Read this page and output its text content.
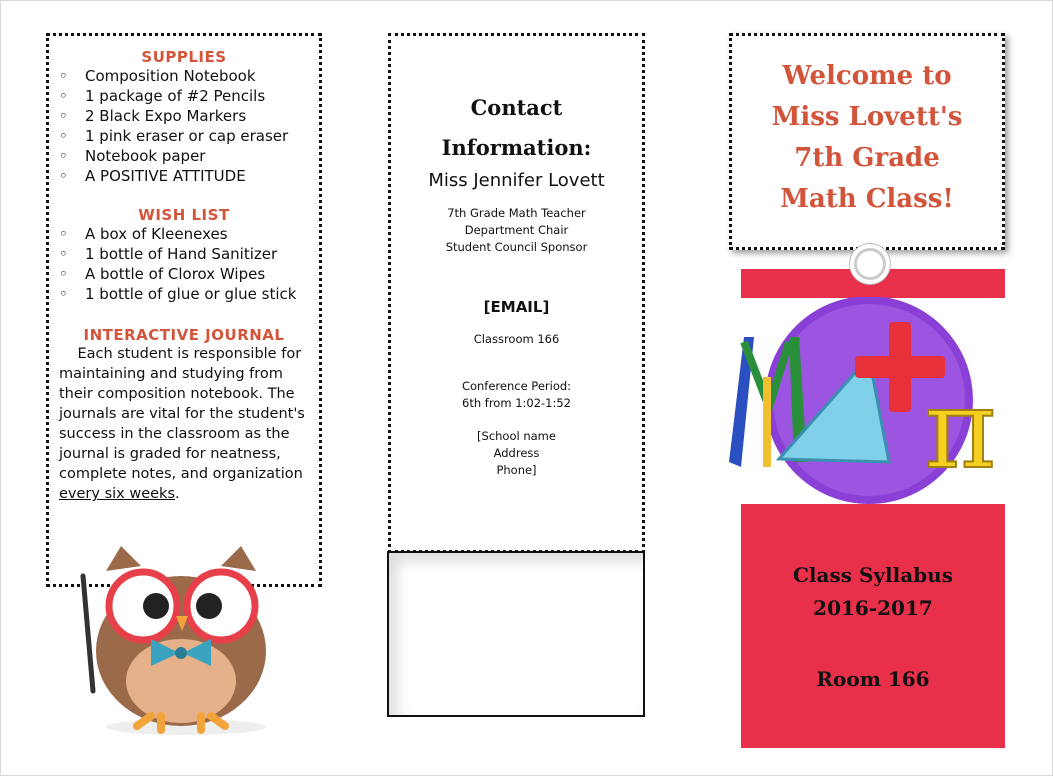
SUPPLIES
◦ Composition Notebook
◦ 1 package of #2 Pencils
◦ 2 Black Expo Markers
◦ 1 pink eraser or cap eraser
◦ Notebook paper
◦ A POSITIVE ATTITUDE
WISH LIST
◦ A box of Kleenexes
◦ 1 bottle of Hand Sanitizer
◦ A bottle of Clorox Wipes
◦ 1 bottle of glue or glue stick
INTERACTIVE JOURNAL
Each student is responsible for maintaining and studying from their composition notebook. The journals are vital for the student's success in the classroom as the journal is graded for neatness, complete notes, and organization every six weeks.
Contact
Information:
Miss Jennifer Lovett
7th Grade Math Teacher
Department Chair
Student Council Sponsor
[EMAIL]
Classroom 166
Conference Period:
6th from 1:02-1:52
[School name
Address
Phone]
Welcome to
Miss Lovett's
7th Grade
Math Class!
π
Class Syllabus
2016-2017
Room 166
